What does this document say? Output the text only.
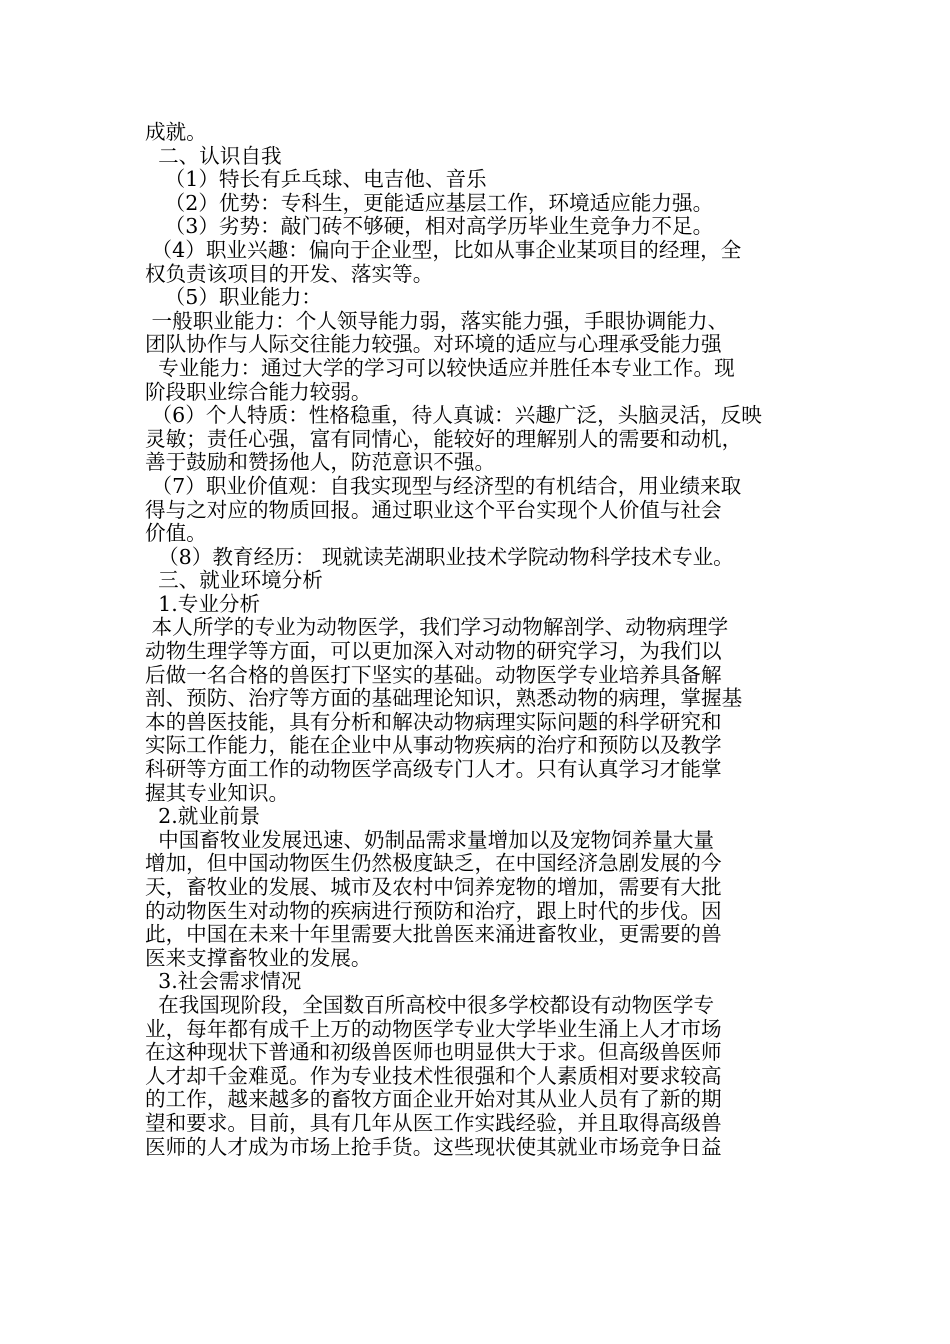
成就。

二、认识自我

（1）特长有乒乓球、电吉他、音乐

（2）优势：专科生，更能适应基层工作，环境适应能力强。

（3）劣势：敲门砖不够硬，相对高学历毕业生竞争力不足。

（4）职业兴趣：偏向于企业型，比如从事企业某项目的经理，全

权负责该项目的开发、落实等。

（5）职业能力：

一般职业能力：个人领导能力弱，落实能力强，手眼协调能力、

团队协作与人际交往能力较强。对环境的适应与心理承受能力强

专业能力：通过大学的学习可以较快适应并胜任本专业工作。现

阶段职业综合能力较弱。

（6）个人特质：性格稳重，待人真诚：兴趣广泛，头脑灵活，反映

灵敏；责任心强，富有同情心，能较好的理解别人的需要和动机，

善于鼓励和赞扬他人，防范意识不强。

（7）职业价值观：自我实现型与经济型的有机结合，用业绩来取

得与之对应的物质回报。通过职业这个平台实现个人价值与社会

价值。

（8）教育经历： 现就读芜湖职业技术学院动物科学技术专业。

三、就业环境分析

1.专业分析

本人所学的专业为动物医学，我们学习动物解剖学、动物病理学

动物生理学等方面，可以更加深入对动物的研究学习，为我们以

后做一名合格的兽医打下坚实的基础。动物医学专业培养具备解

剖、预防、治疗等方面的基础理论知识，熟悉动物的病理，掌握基

本的兽医技能，具有分析和解决动物病理实际问题的科学研究和

实际工作能力，能在企业中从事动物疾病的治疗和预防以及教学

科研等方面工作的动物医学高级专门人才。只有认真学习才能掌

握其专业知识。

2.就业前景

中国畜牧业发展迅速、奶制品需求量增加以及宠物饲养量大量

增加，但中国动物医生仍然极度缺乏，在中国经济急剧发展的今

天，畜牧业的发展、城市及农村中饲养宠物的增加，需要有大批

的动物医生对动物的疾病进行预防和治疗，跟上时代的步伐。因

此，中国在未来十年里需要大批兽医来涌进畜牧业，更需要的兽

医来支撑畜牧业的发展。

3.社会需求情况

在我国现阶段，全国数百所高校中很多学校都设有动物医学专

业，每年都有成千上万的动物医学专业大学毕业生涌上人才市场

在这种现状下普通和初级兽医师也明显供大于求。但高级兽医师

人才却千金难觅。作为专业技术性很强和个人素质相对要求较高

的工作，越来越多的畜牧方面企业开始对其从业人员有了新的期

望和要求。目前，具有几年从医工作实践经验，并且取得高级兽

医师的人才成为市场上抢手货。这些现状使其就业市场竞争日益
